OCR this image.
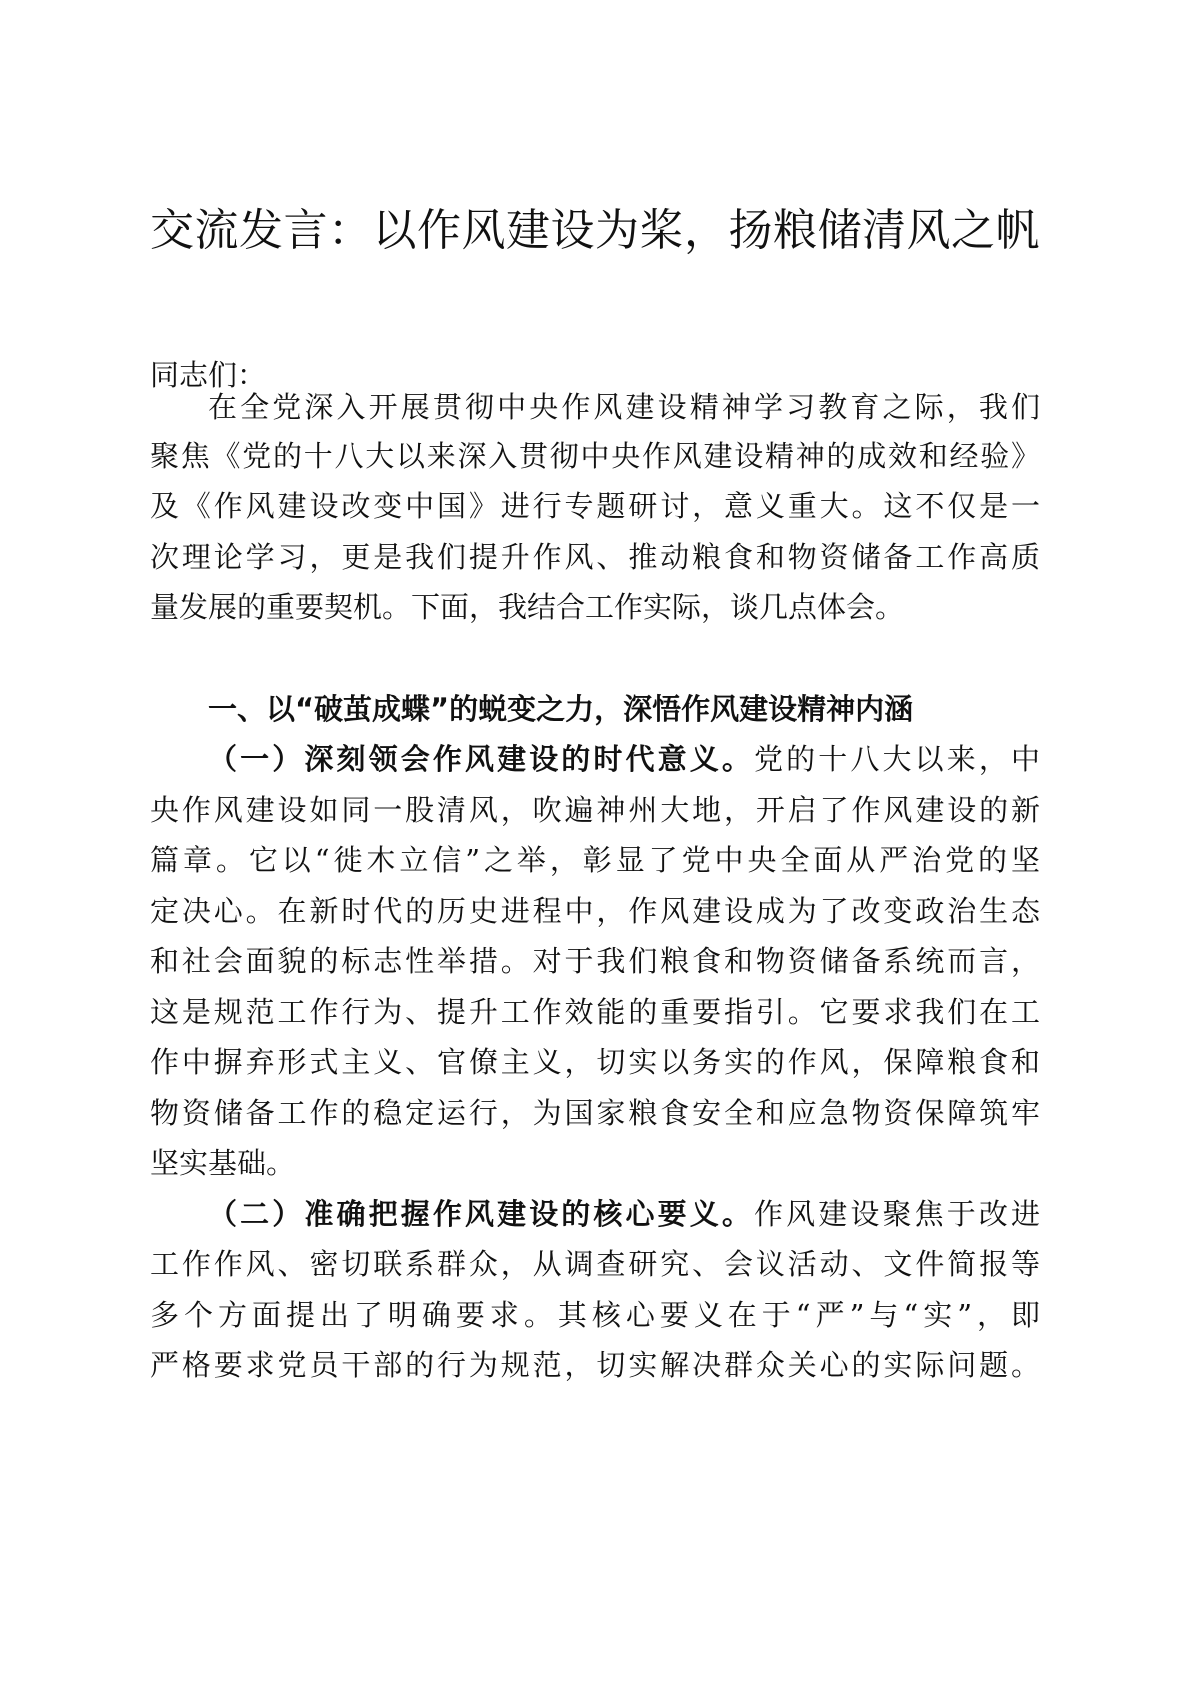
交流发言：以作风建设为桨，扬粮储清风之帆
同志们：
在全党深入开展贯彻中央作风建设精神学习教育之际，我们
聚焦《党的十八大以来深入贯彻中央作风建设精神的成效和经验》
及《作风建设改变中国》进行专题研讨，意义重大。这不仅是一
次理论学习，更是我们提升作风、推动粮食和物资储备工作高质
量发展的重要契机。下面，我结合工作实际，谈几点体会。
一、以“破茧成蝶”的蜕变之力，深悟作风建设精神内涵
（一）深刻领会作风建设的时代意义。党的十八大以来，中
央作风建设如同一股清风，吹遍神州大地，开启了作风建设的新
篇章。它以“徙木立信”之举，彰显了党中央全面从严治党的坚
定决心。在新时代的历史进程中，作风建设成为了改变政治生态
和社会面貌的标志性举措。对于我们粮食和物资储备系统而言，
这是规范工作行为、提升工作效能的重要指引。它要求我们在工
作中摒弃形式主义、官僚主义，切实以务实的作风，保障粮食和
物资储备工作的稳定运行，为国家粮食安全和应急物资保障筑牢
坚实基础。
（二）准确把握作风建设的核心要义。作风建设聚焦于改进
工作作风、密切联系群众，从调查研究、会议活动、文件简报等
多个方面提出了明确要求。其核心要义在于“严”与“实”，即
严格要求党员干部的行为规范，切实解决群众关心的实际问题。
